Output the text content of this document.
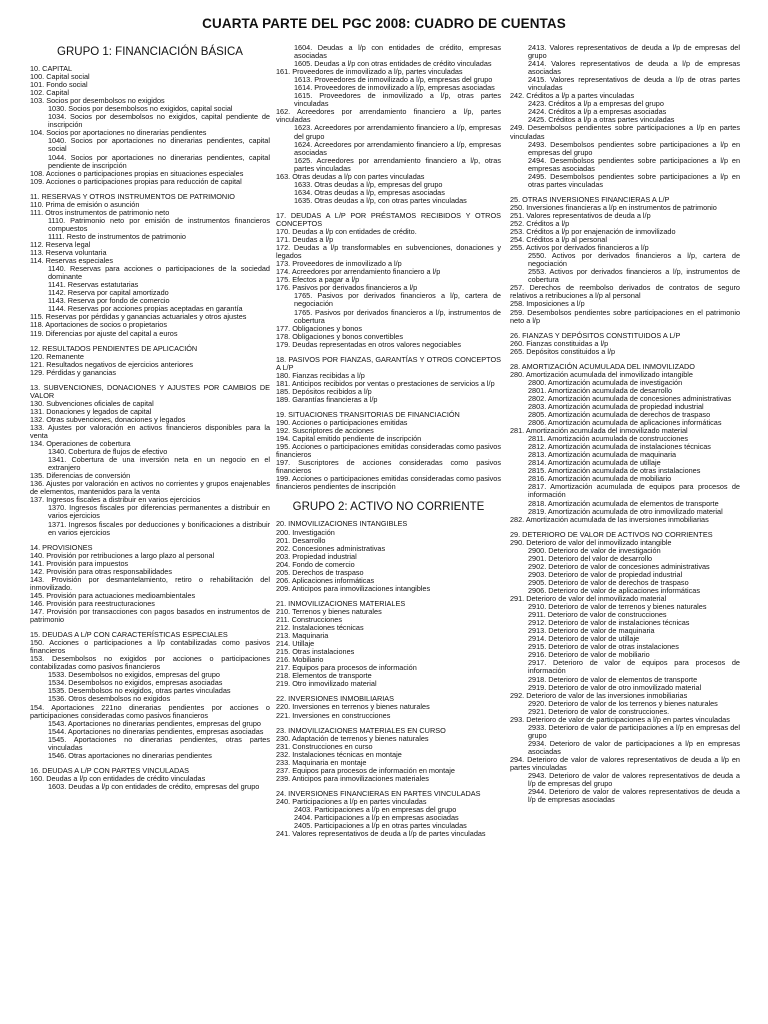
CUARTA PARTE DEL PGC 2008: CUADRO DE CUENTAS
GRUPO 1: FINANCIACIÓN BÁSICA
10. CAPITAL
100. Capital social
101. Fondo social
102. Capital
103. Socios por desembolsos no exigidos
1030. Socios por desembolsos no exigidos, capital social
1034. Socios por desembolsos no exigidos, capital pendiente de inscripción
104. Socios por aportaciones no dinerarias pendientes
1040. Socios por aportaciones no dinerarias pendientes, capital social
1044. Socios por aportaciones no dinerarias pendientes, capital pendiente de inscripción
108. Acciones o participaciones propias en situaciones especiales
109. Acciones o participaciones propias para reducción de capital
11. RESERVAS Y OTROS INSTRUMENTOS DE PATRIMONIO
110. Prima de emisión o asunción
111. Otros instrumentos de patrimonio neto
1110. Patrimonio neto por emisión de instrumentos financieros compuestos
1111. Resto de instrumentos de patrimonio
112. Reserva legal
113. Reserva voluntaria
114. Reservas especiales
1140. Reservas para acciones o participaciones de la sociedad dominante
1141. Reservas estatutarias
1142. Reserva por capital amortizado
1143. Reserva por fondo de comercio
1144. Reservas por acciones propias aceptadas en garantía
115. Reservas por pérdidas y ganancias actuariales y otros ajustes
118. Aportaciones de socios o propietarios
119. Diferencias por ajuste del capital a euros
12. RESULTADOS PENDIENTES DE APLICACIÓN
120. Remanente
121. Resultados negativos de ejercicios anteriores
129. Pérdidas y ganancias
13. SUBVENCIONES, DONACIONES Y AJUSTES POR CAMBIOS DE VALOR
130. Subvenciones oficiales de capital
131. Donaciones y legados de capital
132. Otras subvenciones, donaciones y legados
133. Ajustes por valoración en activos financieros disponibles para la venta
134. Operaciones de cobertura
1340. Cobertura de flujos de efectivo
1341. Cobertura de una inversión neta en un negocio en el extranjero
135. Diferencias de conversión
136. Ajustes por valoración en activos no corrientes y grupos enajenables de elementos, mantenidos para la venta
137. Ingresos fiscales a distribuir en varios ejercicios
1370. Ingresos fiscales por diferencias permanentes a distribuir en varios ejercicios
1371. Ingresos fiscales por deducciones y bonificaciones a distribuir en varios ejercicios
14. PROVISIONES
140. Provisión por retribuciones a largo plazo al personal
141. Provisión para impuestos
142. Provisión para otras responsabilidades
143. Provisión por desmantelamiento, retiro o rehabilitación del inmovilizado.
145. Provisión para actuaciones medioambientales
146. Provisión para reestructuraciones
147. Provisión por transacciones con pagos basados en instrumentos de patrimonio
15. DEUDAS A L/P CON CARACTERÍSTICAS ESPECIALES
150. Acciones o participaciones a l/p contabilizadas como pasivos financieros
153. Desembolsos no exigidos por acciones o participaciones contabilizadas como pasivos financieros
1533. Desembolsos no exigidos, empresas del grupo
1534. Desembolsos no exigidos, empresas asociadas
1535. Desembolsos no exigidos, otras partes vinculadas
1536. Otros desembolsos no exigidos
154. Aportaciones 221no dinerarias pendientes por acciones o participaciones consideradas como pasivos financieros
1543. Aportaciones no dinerarias pendientes, empresas del grupo
1544. Aportaciones no dinerarias pendientes, empresas asociadas
1545. Aportaciones no dinerarias pendientes, otras partes vinculadas
1546. Otras aportaciones no dinerarias pendientes
16. DEUDAS A L/P CON PARTES VINCULADAS
160. Deudas a l/p con entidades de crédito vinculadas
1603. Deudas a l/p con entidades de crédito, empresas del grupo
1604. Deudas a l/p con entidades de crédito, empresas asociadas
1605. Deudas a l/p con otras entidades de crédito vinculadas
161. Proveedores de inmovilizado a l/p, partes vinculadas
1613. Proveedores de inmovilizado a l/p, empresas del grupo
1614. Proveedores de inmovilizado a l/p, empresas asociadas
1615. Proveedores de inmovilizado a l/p, otras partes vinculadas
162. Acreedores por arrendamiento financiero a l/p, partes vinculadas
1623. Acreedores por arrendamiento financiero a l/p, empresas del grupo
1624. Acreedores por arrendamiento financiero a l/p, empresas asociadas
1625. Acreedores por arrendamiento financiero a l/p, otras partes vinculadas
163. Otras deudas a l/p con partes vinculadas
1633. Otras deudas a l/p, empresas del grupo
1634. Otras deudas a l/p, empresas asociadas
1635. Otras deudas a l/p, con otras partes vinculadas
17. DEUDAS A L/P POR PRÉSTAMOS RECIBIDOS Y OTROS CONCEPTOS
170. Deudas a l/p con entidades de crédito.
171. Deudas a l/p
172. Deudas a l/p transformables en subvenciones, donaciones y legados
173. Proveedores de inmovilizado a l/p
174. Acreedores por arrendamiento financiero a l/p
175. Efectos a pagar a l/p
176. Pasivos por derivados financieros a l/p
1765. Pasivos por derivados financieros a l/p, cartera de negociación
1765. Pasivos por derivados financieros a l/p, instrumentos de cobertura
177. Obligaciones y bonos
178. Obligaciones y bonos convertibles
179. Deudas representadas en otros valores negociables
18. PASIVOS POR FIANZAS, GARANTÍAS Y OTROS CONCEPTOS A L/P
180. Fianzas recibidas a l/p
181. Anticipos recibidos por ventas o prestaciones de servicios a l/p
185. Depósitos recibidos a l/p
189. Garantías financieras a l/p
19. SITUACIONES TRANSITORIAS DE FINANCIACIÓN
190. Acciones o participaciones emitidas
192. Suscriptores de acciones
194. Capital emitido pendiente de inscripción
195. Acciones o participaciones emitidas consideradas como pasivos financieros
197. Suscriptores de acciones consideradas como pasivos financieros
199. Acciones o participaciones emitidas consideradas como pasivos financieros pendientes de inscripción
GRUPO 2: ACTIVO NO CORRIENTE
20. INMOVILIZACIONES INTANGIBLES
200. Investigación
201. Desarrollo
202. Concesiones administrativas
203. Propiedad industrial
204. Fondo de comercio
205. Derechos de traspaso
206. Aplicaciones informáticas
209. Anticipos para inmovilizaciones intangibles
21. INMOVILIZACIONES MATERIALES
210. Terrenos y bienes naturales
211. Construcciones
212. Instalaciones técnicas
213. Maquinaria
214. Utillaje
215. Otras instalaciones
216. Mobiliario
217. Equipos para procesos de información
218. Elementos de transporte
219. Otro inmovilizado material
22. INVERSIONES INMOBILIARIAS
220. Inversiones en terrenos y bienes naturales
221. Inversiones en construcciones
23. INMOVILIZACIONES MATERIALES EN CURSO
230. Adaptación de terrenos y bienes naturales
231. Construcciones en curso
232. Instalaciones técnicas en montaje
233. Maquinaria en montaje
237. Equipos para procesos de información en montaje
239. Anticipos para inmovilizaciones materiales
24. INVERSIONES FINANCIERAS EN PARTES VINCULADAS
240. Participaciones a l/p en partes vinculadas
2403. Participaciones a l/p en empresas del grupo
2404. Participaciones a l/p en empresas asociadas
2405. Participaciones a l/p en otras partes vinculadas
241. Valores representativos de deuda a l/p de partes vinculadas
2413. Valores representativos de deuda a l/p de empresas del grupo
2414. Valores representativos de deuda a l/p de empresas asociadas
2415. Valores representativos de deuda a l/p de otras partes vinculadas
242. Créditos a l/p a partes vinculadas
2423. Créditos a l/p a empresas del grupo
2424. Créditos a l/p a empresas asociadas
2425. Créditos a l/p a otras partes vinculadas
249. Desembolsos pendientes sobre participaciones a l/p en partes vinculadas
2493. Desembolsos pendientes sobre participaciones a l/p en empresas del grupo
2494. Desembolsos pendientes sobre participaciones a l/p en empresas asociadas
2495. Desembolsos pendientes sobre participaciones a l/p en otras partes vinculadas
25. OTRAS INVERSIONES FINANCIERAS A L/P
250. Inversiones financieras a l/p en instrumentos de patrimonio
251. Valores representativos de deuda a l/p
252. Créditos a l/p
253. Créditos a l/p por enajenación de inmovilizado
254. Créditos a l/p al personal
255. Activos por derivados financieros a l/p
2550. Activos por derivados financieros a l/p, cartera de negociación
2553. Activos por derivados financieros a l/p, instrumentos de cobertura
257. Derechos de reembolso derivados de contratos de seguro relativos a retribuciones a l/p al personal
258. Imposiciones a l/p
259. Desembolsos pendientes sobre participaciones en el patrimonio neto a l/p
26. FIANZAS Y DEPÓSITOS CONSTITUIDOS A L/P
260. Fianzas constituidas a l/p
265. Depósitos constituidos a l/p
28. AMORTIZACIÓN ACUMULADA DEL INMOVILIZADO
280. Amortización acumulada del inmovilizado intangible
2800. Amortización acumulada de investigación
2801. Amortización acumulada de desarrollo
2802. Amortización acumulada de concesiones administrativas
2803. Amortización acumulada de propiedad industrial
2805. Amortización acumulada de derechos de traspaso
2806. Amortización acumulada de aplicaciones informáticas
281. Amortización acumulada del inmovilizado material
2811. Amortización acumulada de construcciones
2812. Amortización acumulada de instalaciones técnicas
2813. Amortización acumulada de maquinaria
2814. Amortización acumulada de utillaje
2815. Amortización acumulada de otras instalaciones
2816. Amortización acumulada de mobiliario
2817. Amortización acumulada de equipos para procesos de información
2818. Amortización acumulada de elementos de transporte
2819. Amortización acumulada de otro inmovilizado material
282. Amortización acumulada de las inversiones inmobiliarias
29. DETERIORO DE VALOR DE ACTIVOS NO CORRIENTES
290. Deterioro de valor del inmovilizado intangible
2900. Deterioro de valor de investigación
2901. Deterioro del valor de desarrollo
2902. Deterioro de valor de concesiones administrativas
2903. Deterioro de valor de propiedad industrial
2905. Deterioro de valor de derechos de traspaso
2906. Deterioro de valor de aplicaciones informáticas
291. Deterioro de valor del inmovilizado material
2910. Deterioro de valor de terrenos y bienes naturales
2911. Deterioro de valor de construcciones
2912. Deterioro de valor de instalaciones técnicas
2913. Deterioro de valor de maquinaria
2914. Deterioro de valor de utillaje
2915. Deterioro de valor de otras instalaciones
2916. Deterioro de valor de mobiliario
2917. Deterioro de valor de equipos para procesos de información
2918. Deterioro de valor de elementos de transporte
2919. Deterioro de valor de otro inmovilizado material
292. Deterioro de valor de las inversiones inmobiliarias
2920. Deterioro de valor de los terrenos y bienes naturales
2921. Deterioro de valor de construcciones.
293. Deterioro de valor de participaciones a l/p en partes vinculadas
2933. Deterioro de valor de participaciones a l/p en empresas del grupo
2934. Deterioro de valor de participaciones a l/p en empresas asociadas
294. Deterioro de valor de valores representativos de deuda a l/p en partes vinculadas
2943. Deterioro de valor de valores representativos de deuda a l/p de empresas del grupo
2944. Deterioro de valor de valores representativos de deuda a l/p de empresas asociadas
